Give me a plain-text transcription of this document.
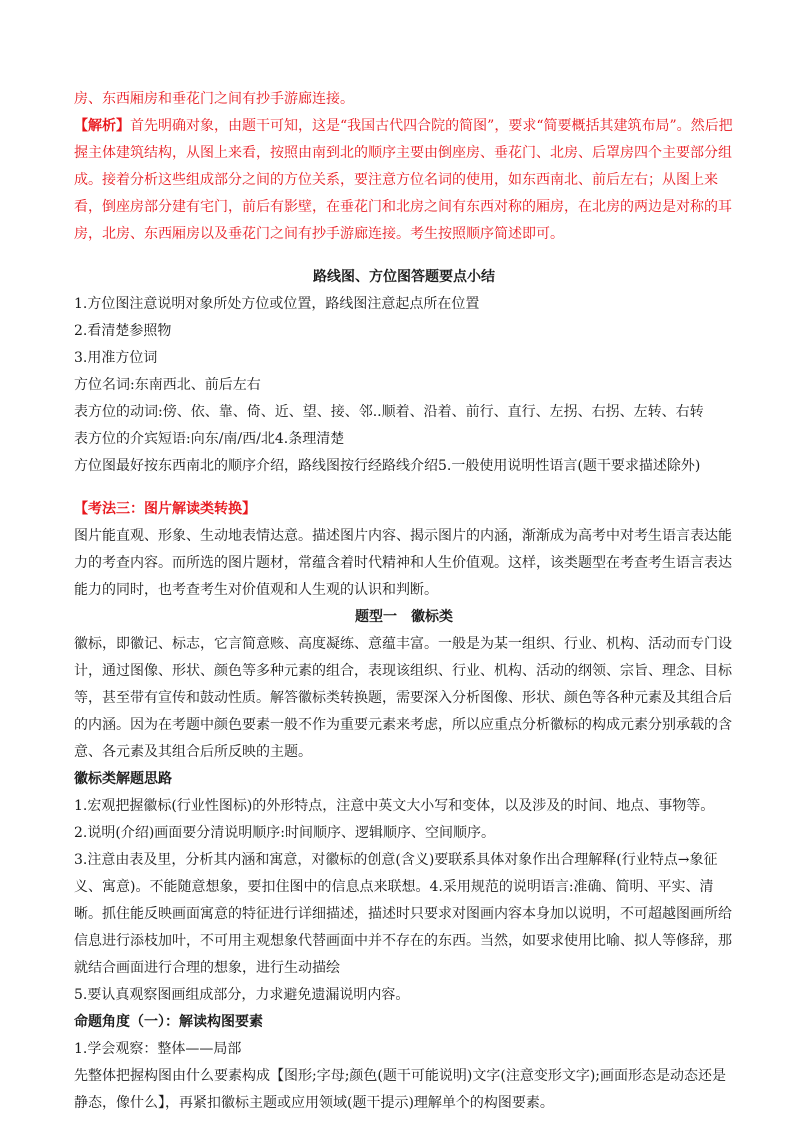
房、东西厢房和垂花门之间有抄手游廊连接。

【解析】首先明确对象，由题干可知，这是“我国古代四合院的简图”，要求“简要概括其建筑布局”。然后把握主体建筑结构，从图上来看，按照由南到北的顺序主要由倒座房、垂花门、北房、后罩房四个主要部分组成。接着分析这些组成部分之间的方位关系，要注意方位名词的使用，如东西南北、前后左右；从图上来看，倒座房部分建有宅门，前后有影壁，在垂花门和北房之间有东西对称的厢房，在北房的两边是对称的耳房，北房、东西厢房以及垂花门之间有抄手游廊连接。考生按照顺序简述即可。

路线图、方位图答题要点小结

1.方位图注意说明对象所处方位或位置，路线图注意起点所在位置

2.看清楚参照物

3.用准方位词

方位名词:东南西北、前后左右

表方位的动词:傍、依、靠、倚、近、望、接、邻..顺着、沿着、前行、直行、左拐、右拐、左转、右转

表方位的介宾短语:向东/南/西/北4.条理清楚

方位图最好按东西南北的顺序介绍，路线图按行经路线介绍5.一般使用说明性语言(题干要求描述除外)

【考法三：图片解读类转换】

图片能直观、形象、生动地表情达意。描述图片内容、揭示图片的内涵，渐渐成为高考中对考生语言表达能力的考查内容。而所选的图片题材，常蕴含着时代精神和人生价值观。这样，该类题型在考查考生语言表达能力的同时，也考查考生对价值观和人生观的认识和判断。

题型一　徽标类

徽标，即徽记、标志，它言简意赅、高度凝练、意蕴丰富。一般是为某一组织、行业、机构、活动而专门设计，通过图像、形状、颜色等多种元素的组合，表现该组织、行业、机构、活动的纲领、宗旨、理念、目标等，甚至带有宣传和鼓动性质。解答徽标类转换题，需要深入分析图像、形状、颜色等各种元素及其组合后的内涵。因为在考题中颜色要素一般不作为重要元素来考虑，所以应重点分析徽标的构成元素分别承载的含意、各元素及其组合后所反映的主题。

徽标类解题思路

1.宏观把握徽标(行业性图标)的外形特点，注意中英文大小写和变体，以及涉及的时间、地点、事物等。

2.说明(介绍)画面要分清说明顺序:时间顺序、逻辑顺序、空间顺序。

3.注意由表及里，分析其内涵和寓意，对徽标的创意(含义)要联系具体对象作出合理解释(行业特点→象征义、寓意)。不能随意想象，要扣住图中的信息点来联想。4.采用规范的说明语言:准确、简明、平实、清晰。抓住能反映画面寓意的特征进行详细描述，描述时只要求对图画内容本身加以说明，不可超越图画所给信息进行添枝加叶，不可用主观想象代替画面中并不存在的东西。当然，如要求使用比喻、拟人等修辞，那就结合画面进行合理的想象，进行生动描绘

5.要认真观察图画组成部分，力求避免遗漏说明内容。

命题角度（一）：解读构图要素

1.学会观察：整体——局部

先整体把握构图由什么要素构成【图形;字母;颜色(题干可能说明)文字(注意变形文字);画面形态是动态还是静态，像什么】，再紧扣徽标主题或应用领域(题干提示)理解单个的构图要素。
